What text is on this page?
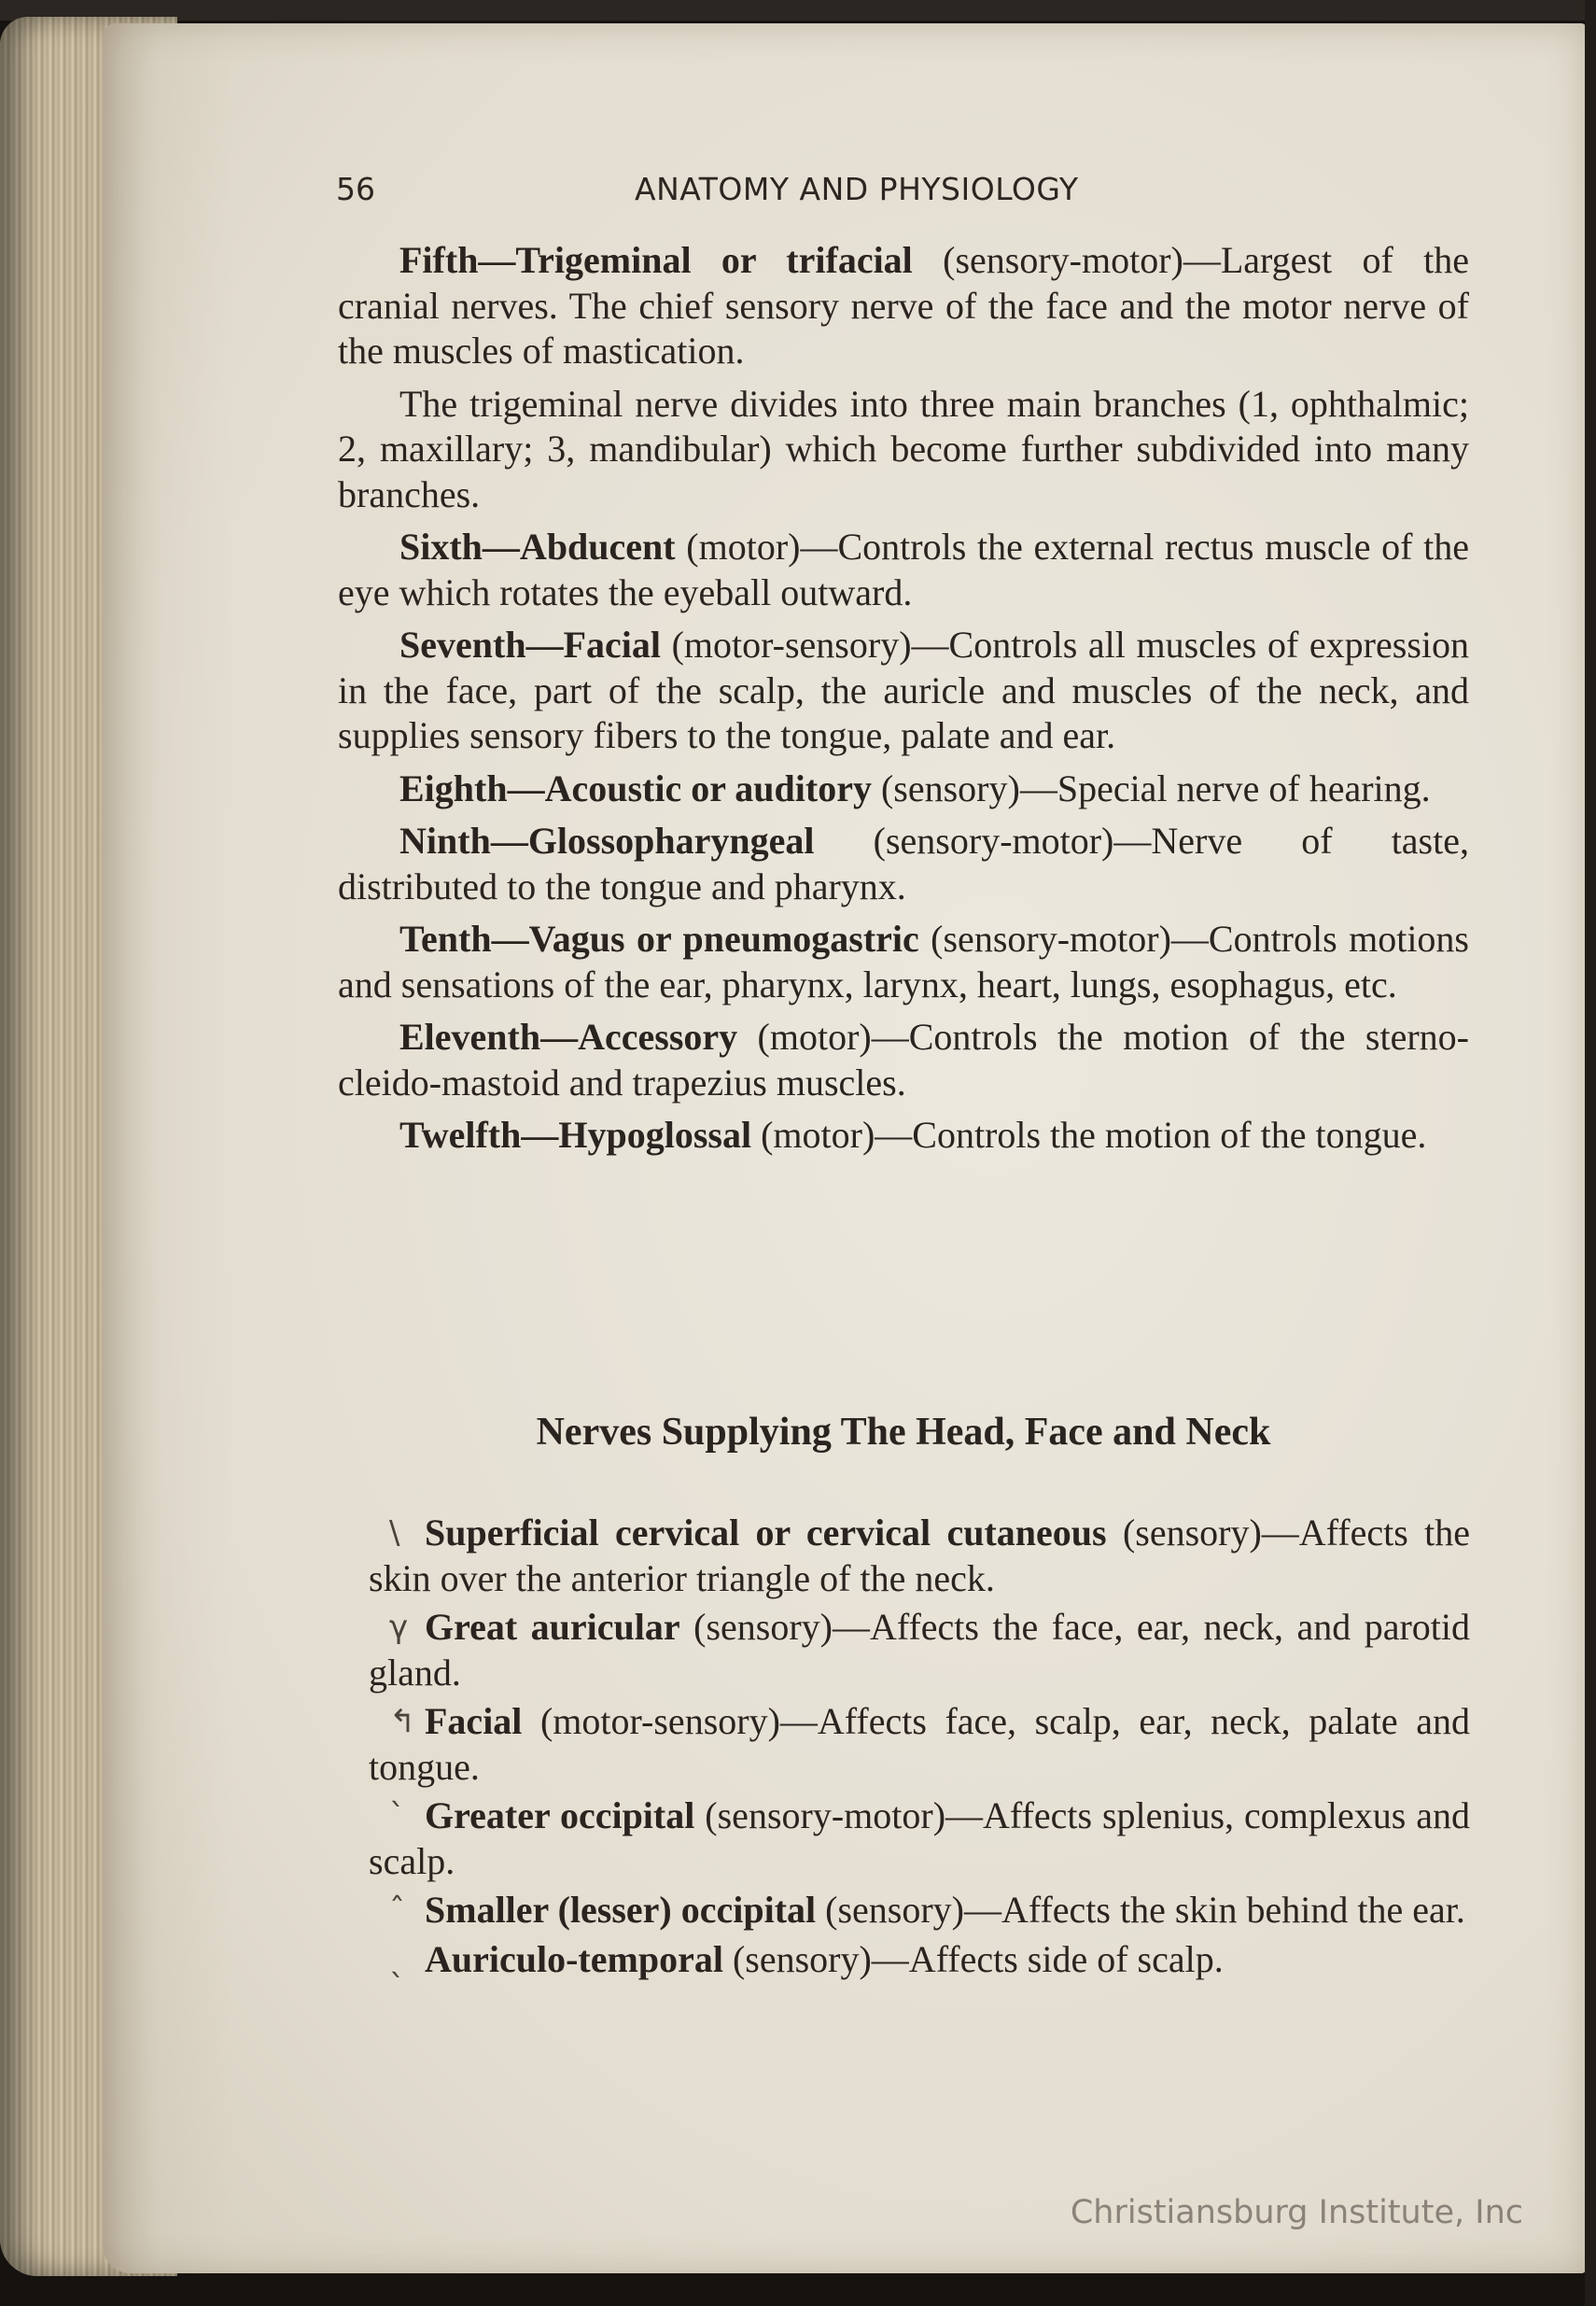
56	ANATOMY AND PHYSIOLOGY

Fifth—Trigeminal or trifacial (sensory-motor)—Largest of the cranial nerves. The chief sensory nerve of the face and the motor nerve of the muscles of mastication.

The trigeminal nerve divides into three main branches (1, ophthalmic; 2, maxillary; 3, mandibular) which become further subdivided into many branches.

Sixth—Abducent (motor)—Controls the external rectus muscle of the eye which rotates the eyeball outward.

Seventh—Facial (motor-sensory)—Controls all muscles of expression in the face, part of the scalp, the auricle and muscles of the neck, and supplies sensory fibers to the tongue, palate and ear.

Eighth—Acoustic or auditory (sensory)—Special nerve of hearing.

Ninth—Glossopharyngeal (sensory-motor)—Nerve of taste, distributed to the tongue and pharynx.

Tenth—Vagus or pneumogastric (sensory-motor)—Controls motions and sensations of the ear, pharynx, larynx, heart, lungs, esophagus, etc.

Eleventh—Accessory (motor)—Controls the motion of the sterno-cleido-mastoid and trapezius muscles.

Twelfth—Hypoglossal (motor)—Controls the motion of the tongue.

Nerves Supplying The Head, Face and Neck

\ Superficial cervical or cervical cutaneous (sensory)—Affects the skin over the anterior triangle of the neck.

γ Great auricular (sensory)—Affects the face, ear, neck, and parotid gland.

↰ Facial (motor-sensory)—Affects face, scalp, ear, neck, palate and tongue.

ˋ Greater occipital (sensory-motor)—Affects splenius, complexus and scalp.

ˆ Smaller (lesser) occipital (sensory)—Affects the skin behind the ear.

ˎ Auriculo-temporal (sensory)—Affects side of scalp.

Christiansburg Institute, Inc
